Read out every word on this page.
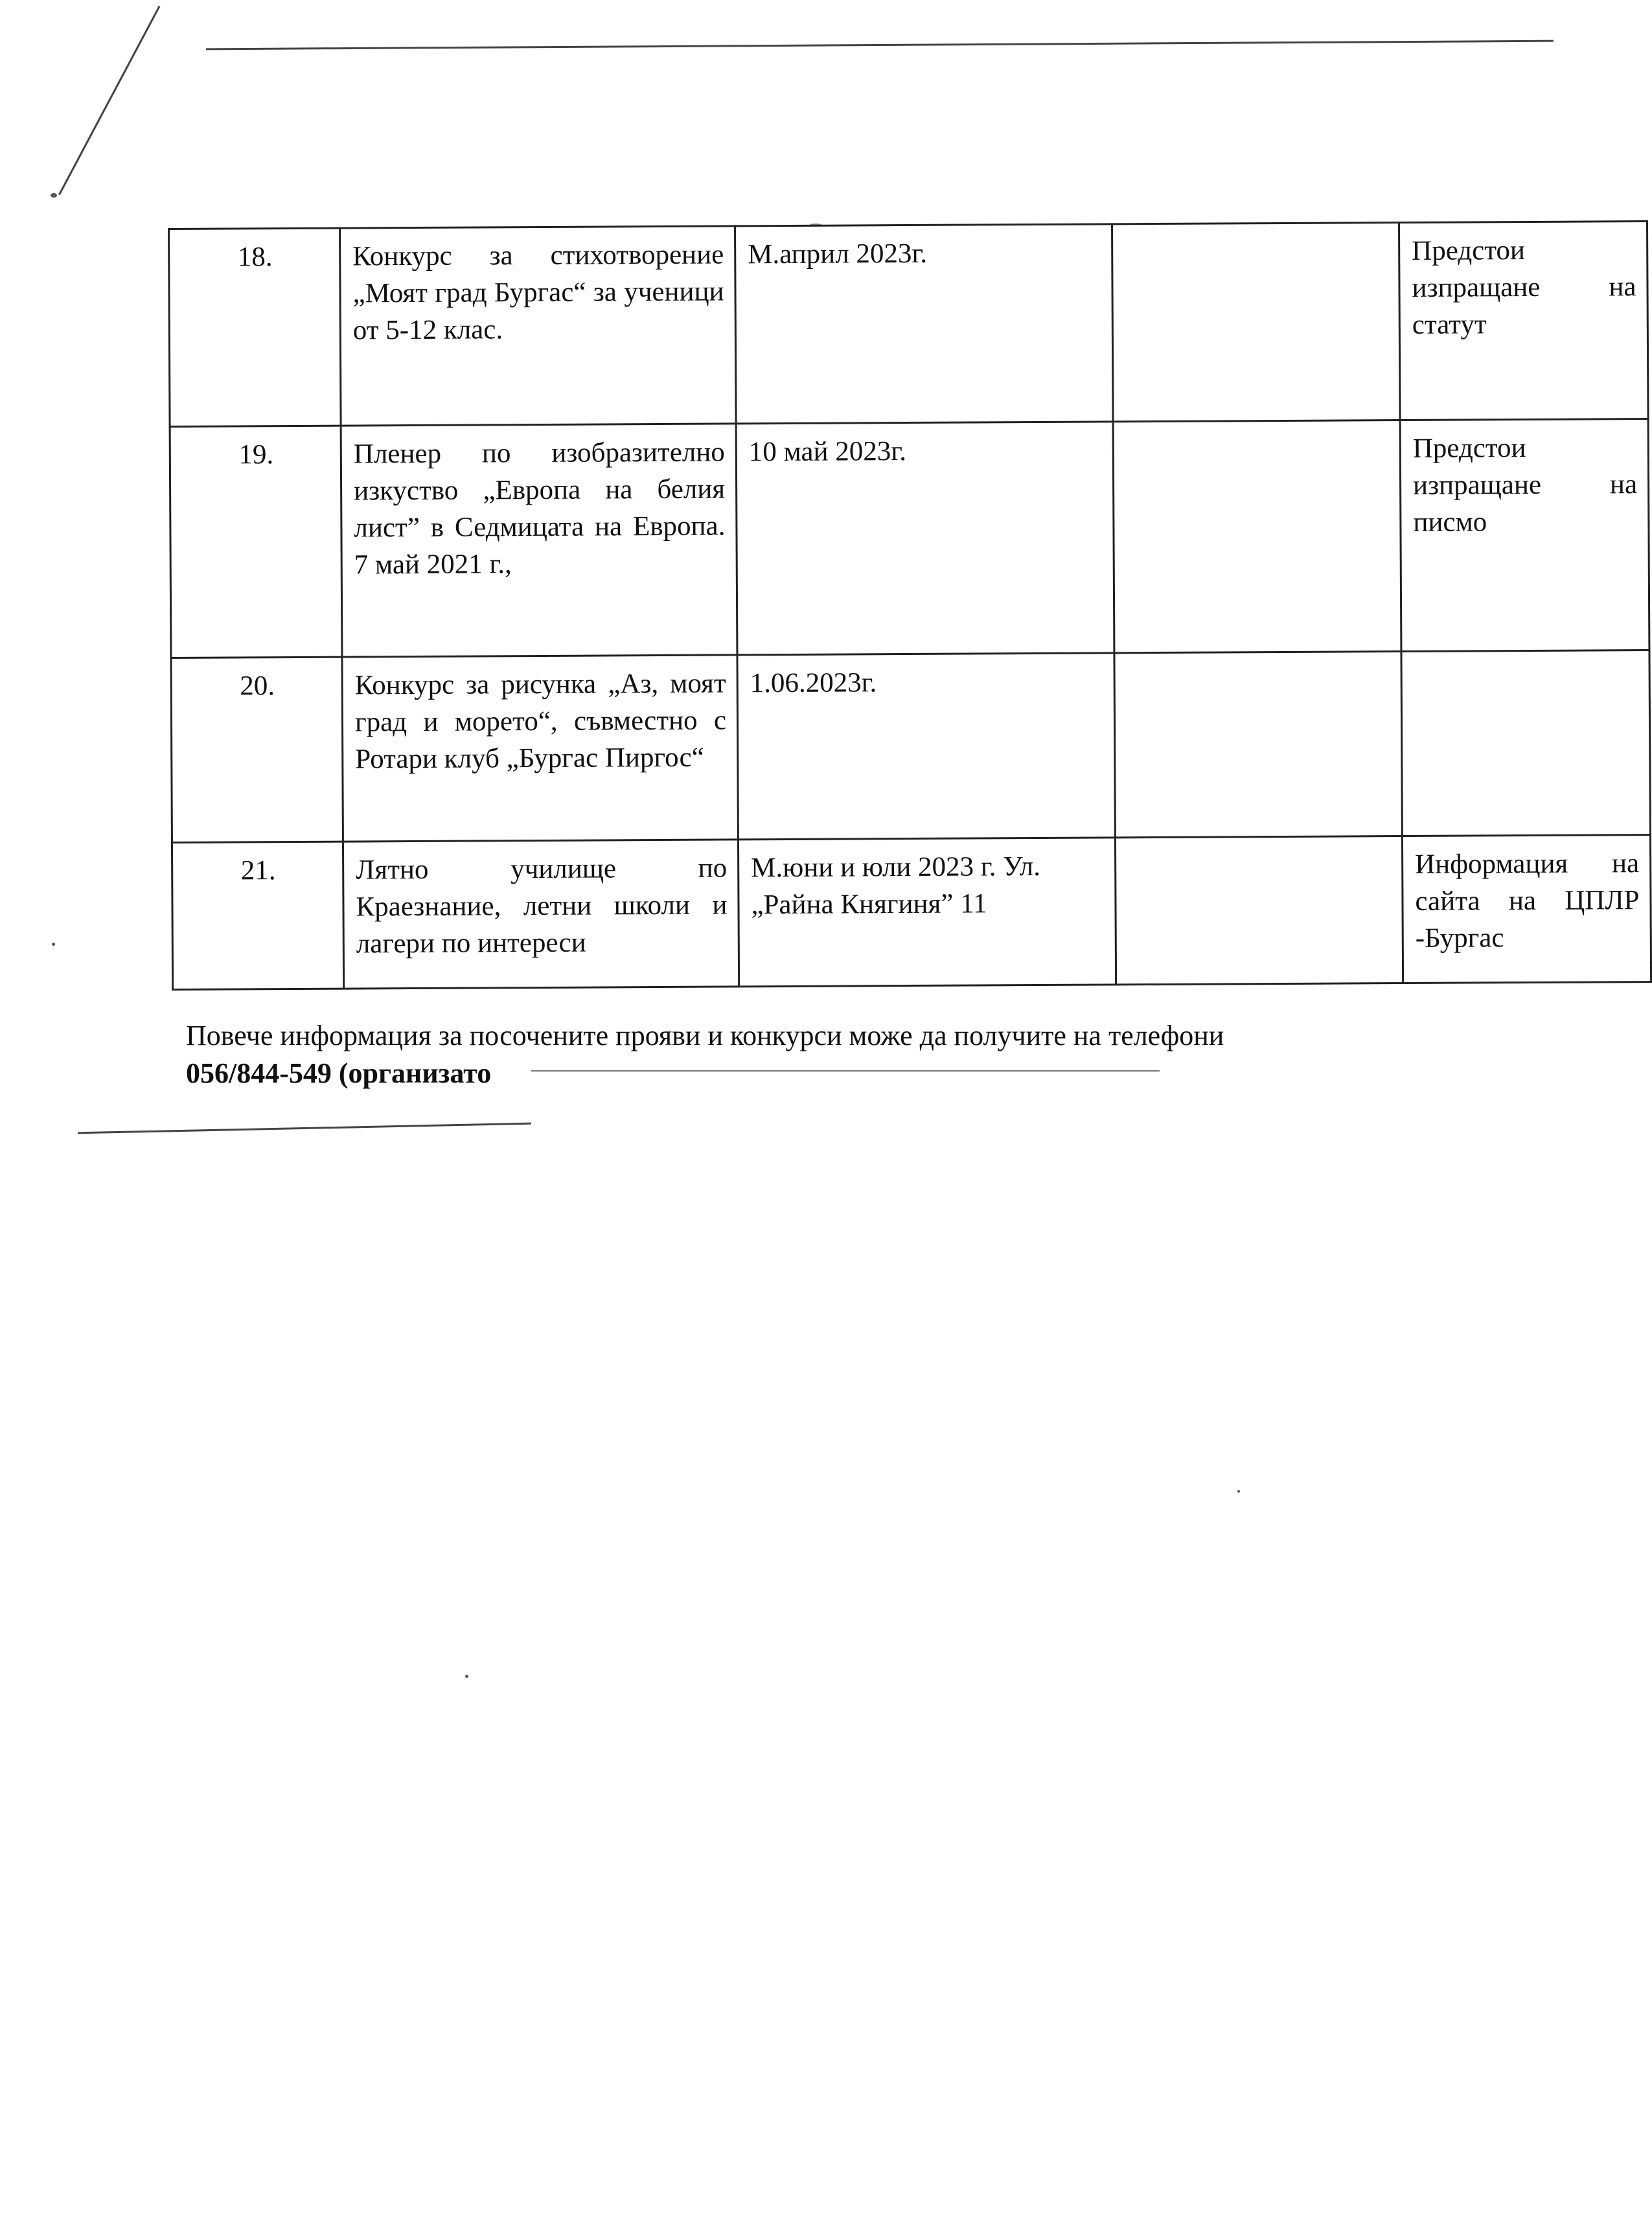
18.	Конкурс за стихотворение „Моят град Бургас“ за ученици от 5-12 клас.	М.април 2023г.		Предстои изпращане на статут
19.	Пленер по изобразително изкуство „Европа на белия лист” в Седмицата на Европа. 7 май 2021 г.,	10 май 2023г.		Предстои изпращане на писмо
20.	Конкурс за рисунка „Аз, моят град и морето“, съвместно с Ротари клуб „Бургас Пиргос“	1.06.2023г.		
21.	Лятно училище по Краезнание, летни школи и лагери по интереси	М.юни и юли 2023 г. Ул. „Райна Княгиня” 11		Информация на сайта на ЦПЛР -Бургас
Повече информация за посочените прояви и конкурси може да получите на телефони
056/844-549 (организато
